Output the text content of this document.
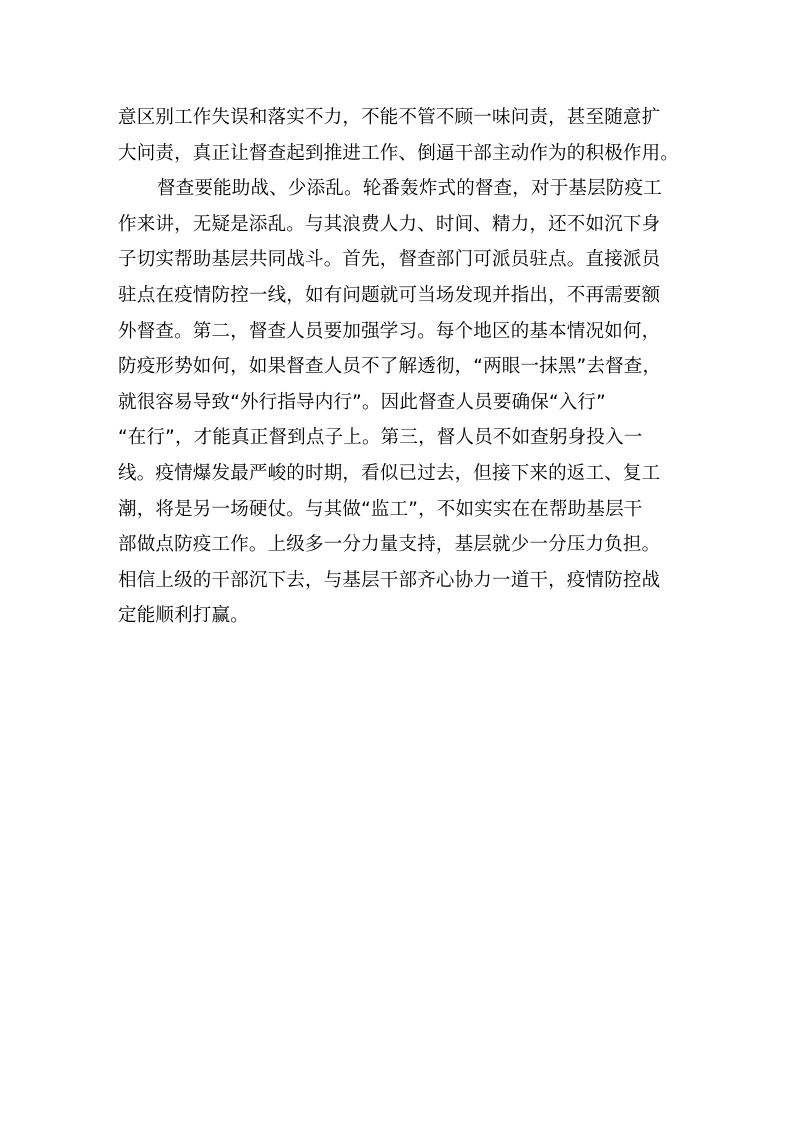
意区别工作失误和落实不力，不能不管不顾一味问责，甚至随意扩
大问责，真正让督查起到推进工作、倒逼干部主动作为的积极作用。
督查要能助战、少添乱。轮番轰炸式的督查，对于基层防疫工
作来讲，无疑是添乱。与其浪费人力、时间、精力，还不如沉下身
子切实帮助基层共同战斗。首先，督查部门可派员驻点。直接派员
驻点在疫情防控一线，如有问题就可当场发现并指出，不再需要额
外督查。第二，督查人员要加强学习。每个地区的基本情况如何，
防疫形势如何，如果督查人员不了解透彻，“两眼一抹黑”去督查，
就很容易导致“外行指导内行”。因此督查人员要确保“入行”
“在行”，才能真正督到点子上。第三，督人员不如查躬身投入一
线。疫情爆发最严峻的时期，看似已过去，但接下来的返工、复工
潮，将是另一场硬仗。与其做“监工”，不如实实在在帮助基层干
部做点防疫工作。上级多一分力量支持，基层就少一分压力负担。
相信上级的干部沉下去，与基层干部齐心协力一道干，疫情防控战
定能顺利打赢。
